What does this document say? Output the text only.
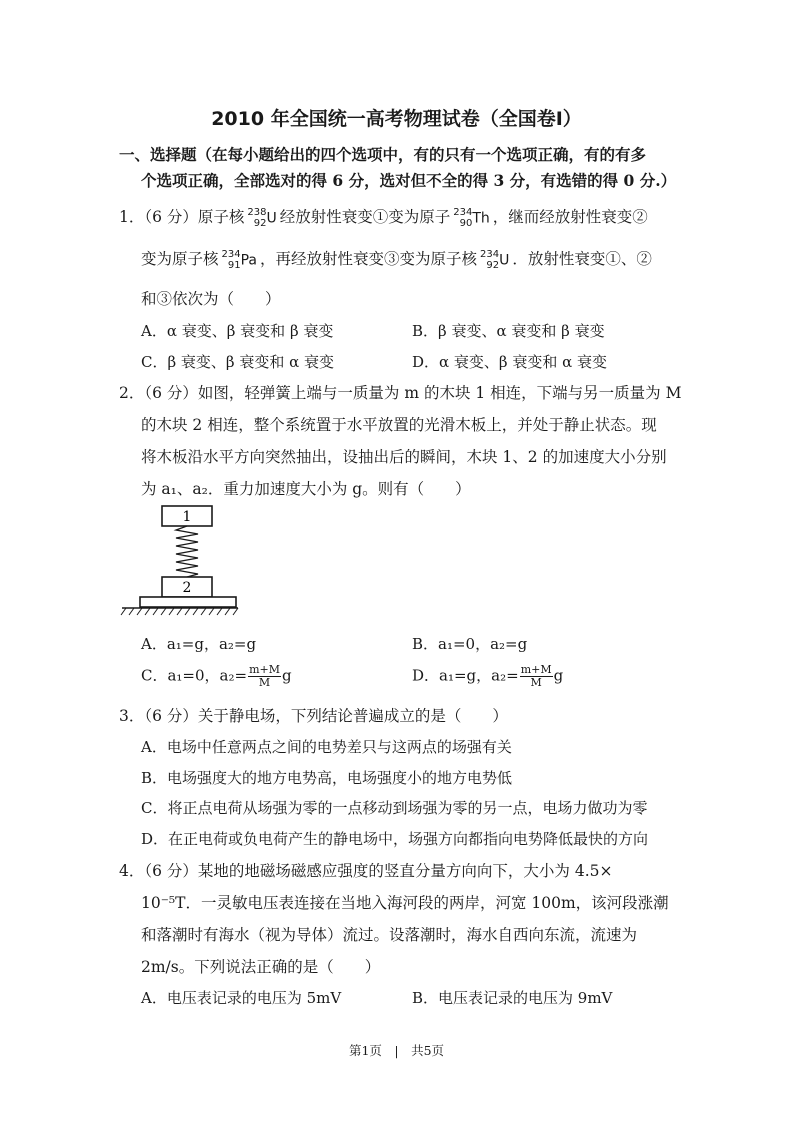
2010 年全国统一高考物理试卷（全国卷Ⅰ）
一、选择题（在每小题给出的四个选项中，有的只有一个选项正确，有的有多
个选项正确，全部选对的得 6 分，选对但不全的得 3 分，有选错的得 0 分.）
1．（6 分）原子核 238
92 U 经放射性衰变①变为原子 234
90 Th ，继而经放射性衰变②
变为原子核 234
91 Pa ，再经放射性衰变③变为原子核 234
92 U ．放射性衰变①、②
和③依次为（　　）
A．α 衰变、β 衰变和 β 衰变	B．β 衰变、α 衰变和 β 衰变
C．β 衰变、β 衰变和 α 衰变	D．α 衰变、β 衰变和 α 衰变
2．（6 分）如图，轻弹簧上端与一质量为 m 的木块 1 相连，下端与另一质量为 M
的木块 2 相连，整个系统置于水平放置的光滑木板上，并处于静止状态。现
将木板沿水平方向突然抽出，设抽出后的瞬间，木块 1、2 的加速度大小分别
为 a₁、a₂．重力加速度大小为 g。则有（　　）
1
2
A．a₁=g，a₂=g	B．a₁=0，a₂=g
C．a₁=0，$a_2= \frac{m+M}{M}$ g	D．a₁=g，$a_2= \frac{m+M}{M}$ g
3．（6 分）关于静电场，下列结论普遍成立的是（　　）
A．电场中任意两点之间的电势差只与这两点的场强有关
B．电场强度大的地方电势高，电场强度小的地方电势低
C．将正点电荷从场强为零的一点移动到场强为零的另一点，电场力做功为零
D．在正电荷或负电荷产生的静电场中，场强方向都指向电势降低最快的方向
4．（6 分）某地的地磁场磁感应强度的竖直分量方向向下，大小为 4.5×
10⁻⁵T．一灵敏电压表连接在当地入海河段的两岸，河宽 100m，该河段涨潮
和落潮时有海水（视为导体）流过。设落潮时，海水自西向东流，流速为
2m/s。下列说法正确的是（　　）
A．电压表记录的电压为 5mV	B．电压表记录的电压为 9mV
第1页　|　共5页
